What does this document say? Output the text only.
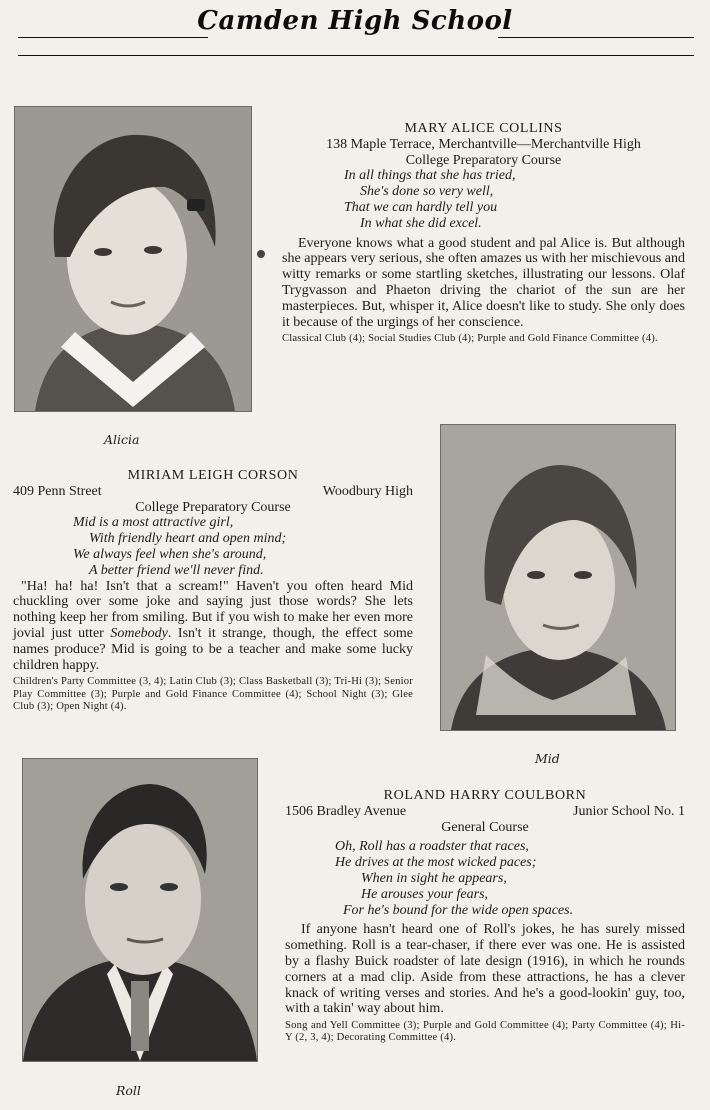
Camden High School
Alicia
MARY ALICE COLLINS
138 Maple Terrace, Merchantville—Merchantville High
College Preparatory Course
In all things that she has tried,
She's done so very well,
That we can hardly tell you
In what she did excel.
Everyone knows what a good student and pal Alice is. But although she appears very serious, she often amazes us with her mischievous and witty remarks or some startling sketches, illustrating our lessons. Olaf Trygvasson and Phaeton driving the chariot of the sun are her masterpieces. But, whisper it, Alice doesn't like to study. She only does it because of the urgings of her conscience.
Classical Club (4); Social Studies Club (4); Purple and Gold Finance Committee (4).
MIRIAM LEIGH CORSON
409 Penn Street	Woodbury High
College Preparatory Course
Mid is a most attractive girl,
With friendly heart and open mind;
We always feel when she's around,
A better friend we'll never find.
"Ha! ha! ha! Isn't that a scream!" Haven't you often heard Mid chuckling over some joke and saying just those words? She lets nothing keep her from smiling. But if you wish to make her even more jovial just utter Somebody. Isn't it strange, though, the effect some names produce? Mid is going to be a teacher and make some lucky children happy.
Children's Party Committee (3, 4); Latin Club (3); Class Basketball (3); Tri-Hi (3); Senior Play Committee (3); Purple and Gold Finance Committee (4); School Night (3); Glee Club (3); Open Night (4).
Mid
Roll
ROLAND HARRY COULBORN
1506 Bradley Avenue	Junior School No. 1
General Course
Oh, Roll has a roadster that races,
He drives at the most wicked paces;
When in sight he appears,
He arouses your fears,
For he's bound for the wide open spaces.
If anyone hasn't heard one of Roll's jokes, he has surely missed something. Roll is a tear-chaser, if there ever was one. He is assisted by a flashy Buick roadster of late design (1916), in which he rounds corners at a mad clip. Aside from these attractions, he has a clever knack of writing verses and stories. And he's a good-lookin' guy, too, with a takin' way about him.
Song and Yell Committee (3); Purple and Gold Committee (4); Party Committee (4); Hi-Y (2, 3, 4); Decorating Committee (4).
